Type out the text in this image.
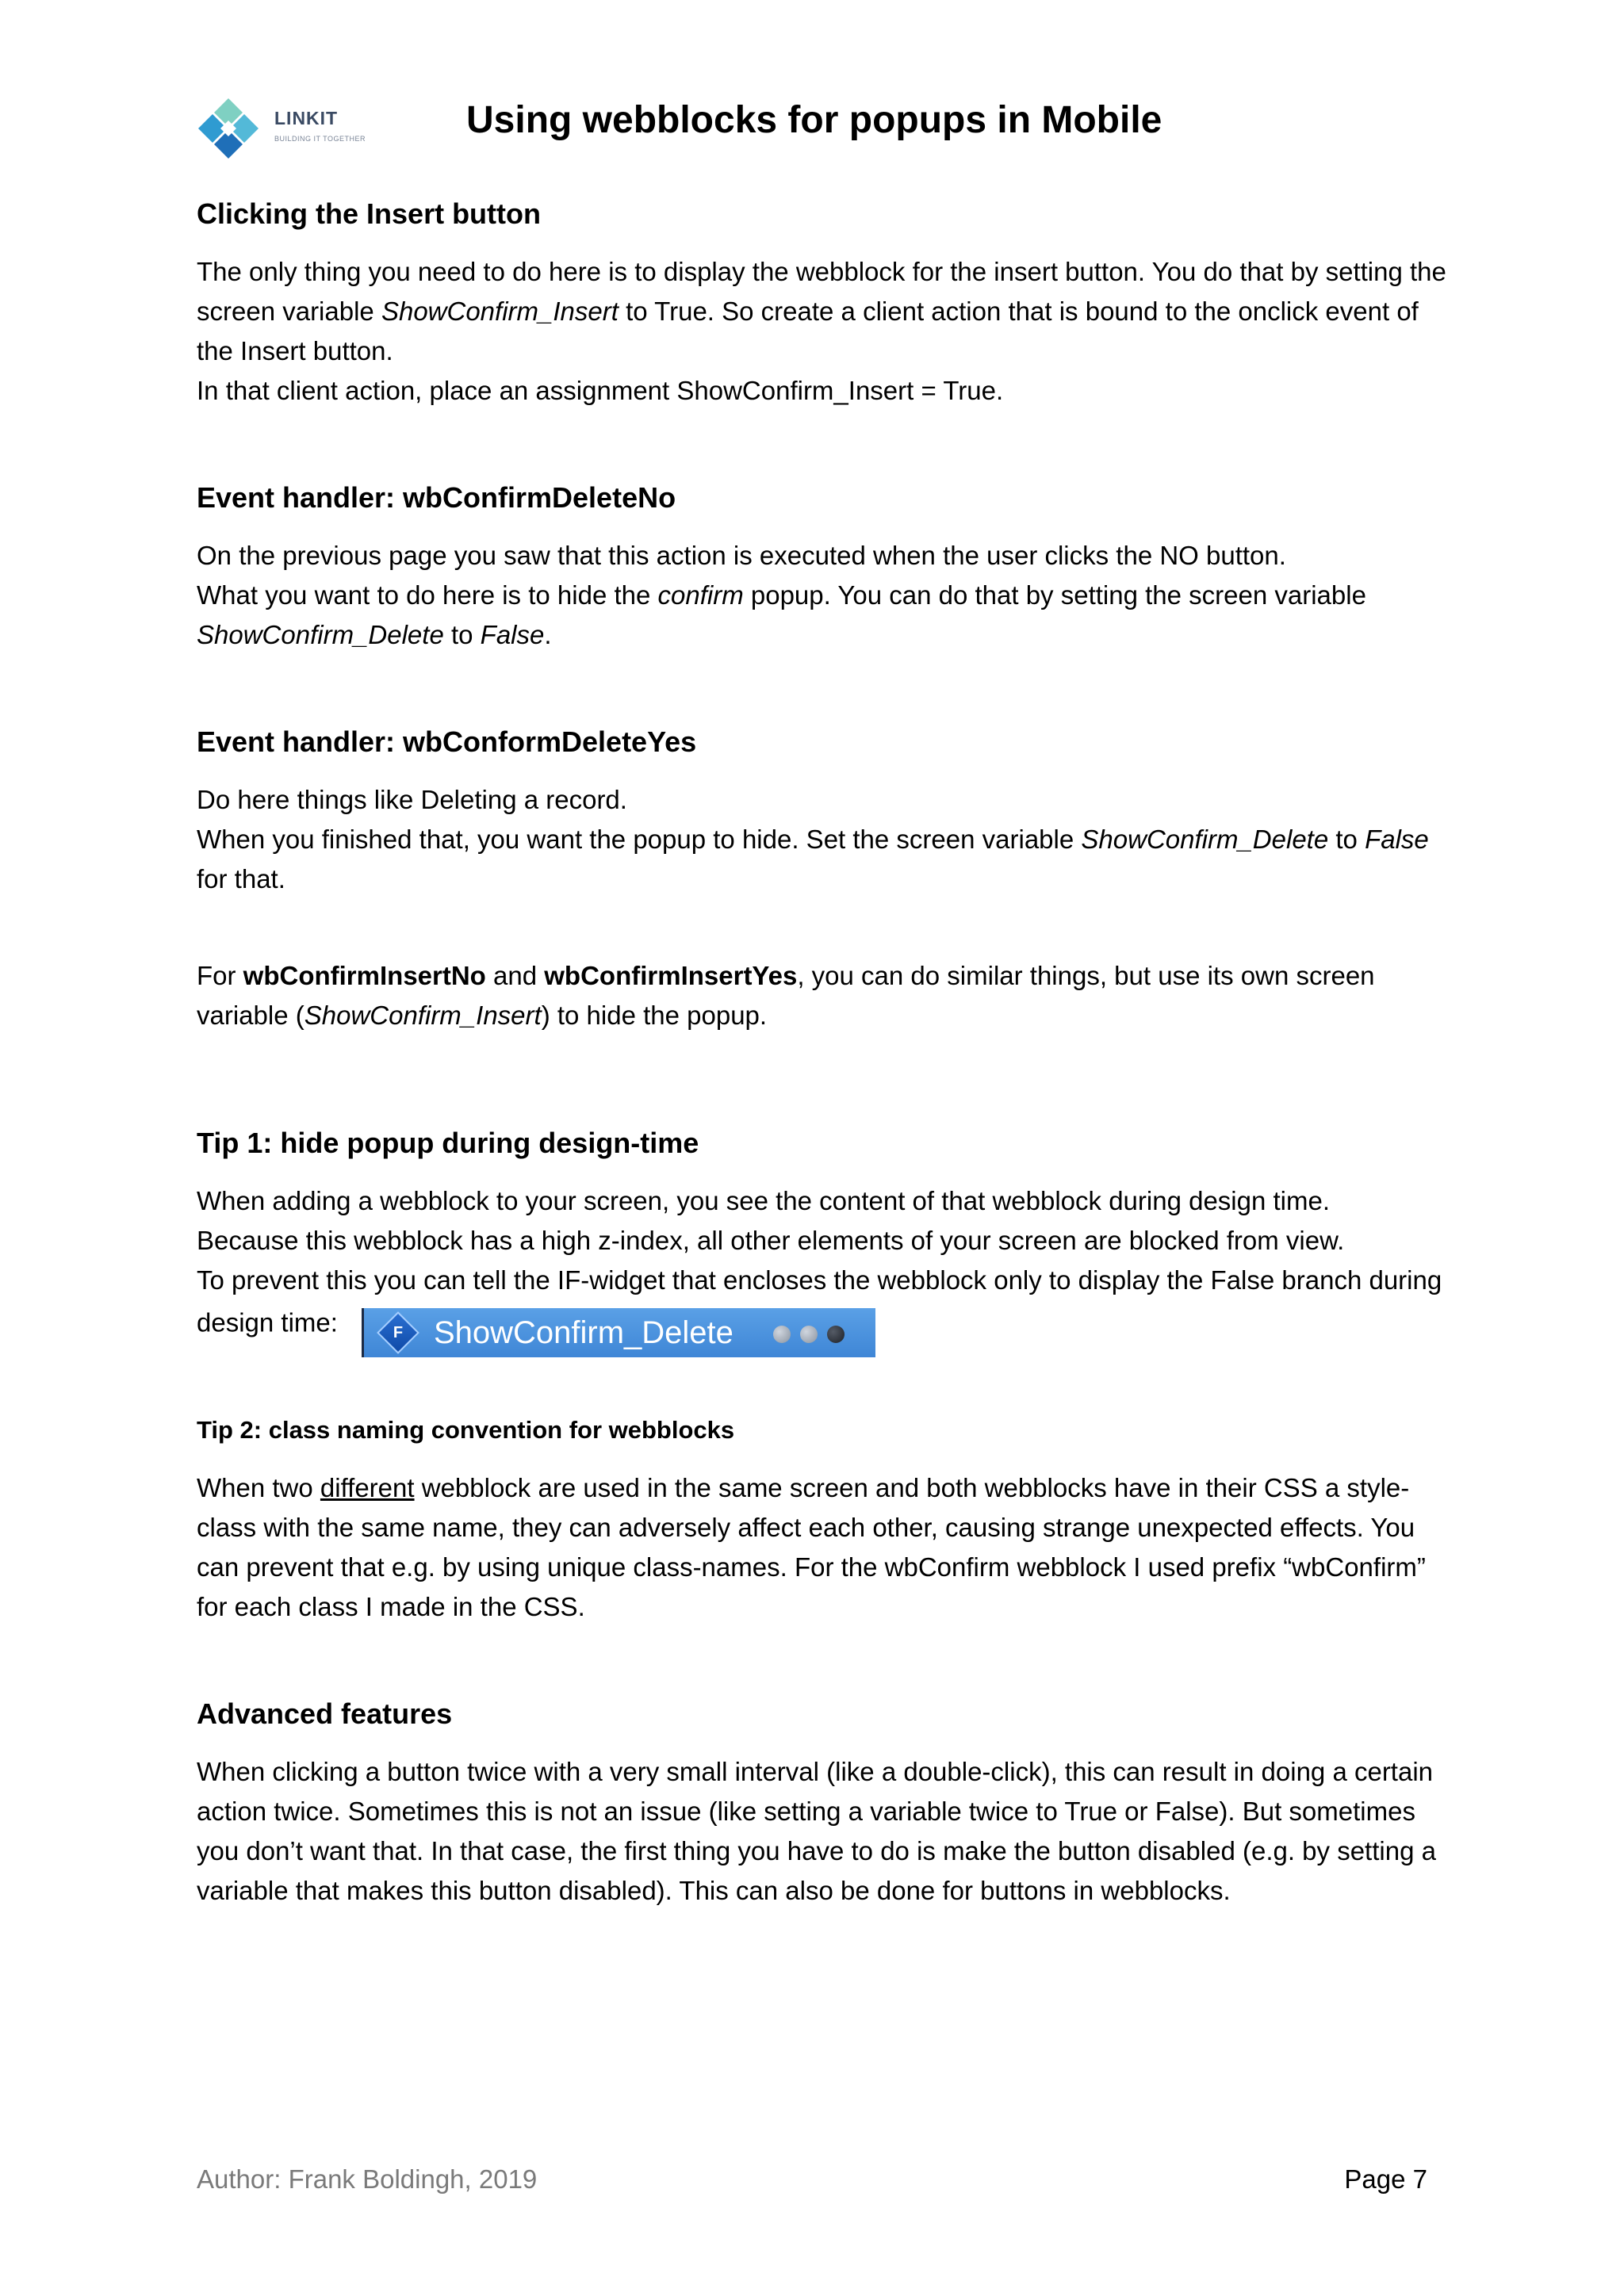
LINKIT
BUILDING IT TOGETHER	Using webblocks for popups in Mobile
Clicking the Insert button

The only thing you need to do here is to display the webblock for the insert button. You do that by setting the screen variable ShowConfirm_Insert to True. So create a client action that is bound to the onclick event of the Insert button.

In that client action, place an assignment ShowConfirm_Insert = True.

Event handler: wbConfirmDeleteNo

On the previous page you saw that this action is executed when the user clicks the NO button.

What you want to do here is to hide the confirm popup. You can do that by setting the screen variable ShowConfirm_Delete to False.

Event handler: wbConformDeleteYes

Do here things like Deleting a record.

When you finished that, you want the popup to hide. Set the screen variable ShowConfirm_Delete to False for that.

For wbConfirmInsertNo and wbConfirmInsertYes, you can do similar things, but use its own screen variable (ShowConfirm_Insert) to hide the popup.

Tip 1: hide popup during design-time

When adding a webblock to your screen, you see the content of that webblock during design time.

Because this webblock has a high z-index, all other elements of your screen are blocked from view.

To prevent this you can tell the IF-widget that encloses the webblock only to display the False branch during design time:	F ShowConfirm_Delete

Tip 2: class naming convention for webblocks

When two different webblock are used in the same screen and both webblocks have in their CSS a style-class with the same name, they can adversely affect each other, causing strange unexpected effects. You can prevent that e.g. by using unique class-names. For the wbConfirm webblock I used prefix “wbConfirm” for each class I made in the CSS.

Advanced features

When clicking a button twice with a very small interval (like a double-click), this can result in doing a certain action twice. Sometimes this is not an issue (like setting a variable twice to True or False). But sometimes you don’t want that. In that case, the first thing you have to do is make the button disabled (e.g. by setting a variable that makes this button disabled). This can also be done for buttons in webblocks.

Author: Frank Boldingh, 2019	Page 7
